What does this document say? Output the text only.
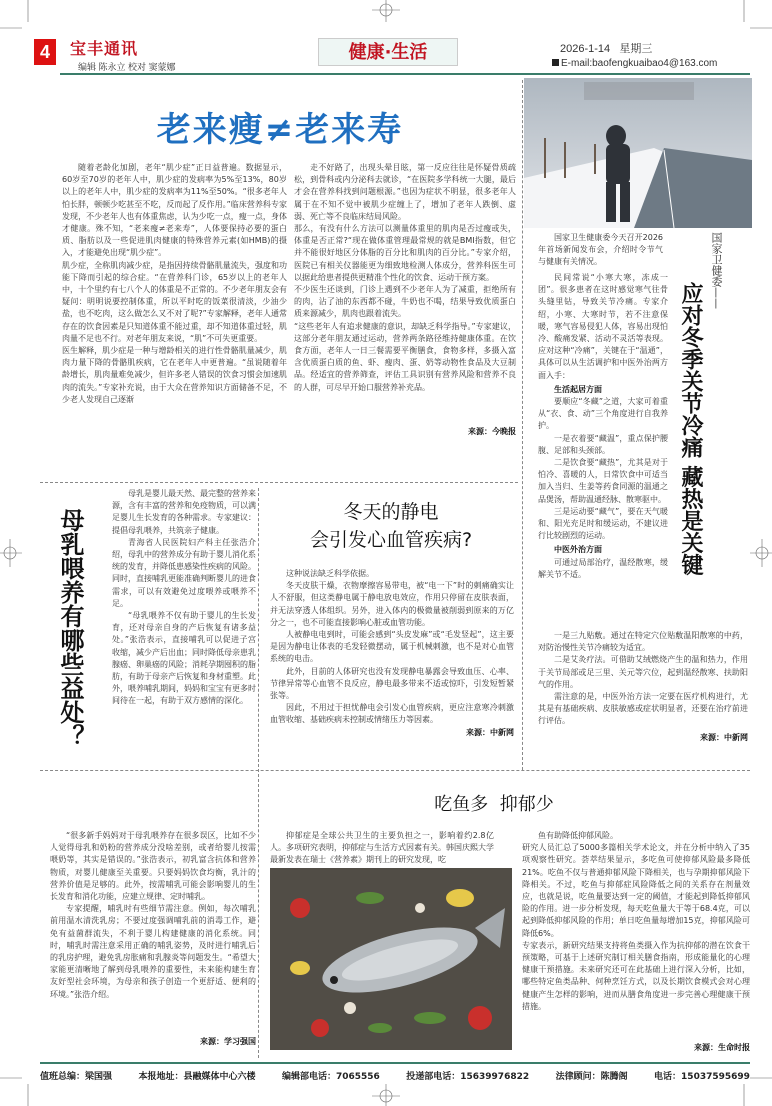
4	宝丰通讯
编辑 陈永立 校对 窦蒙娜
健康·生活	2026-1-14 星期三
E-mail:baofengkuaibao4@163.com
老来瘦≠老来寿
随着老龄化加剧，老年“肌少症”正日益普遍。数据显示，60岁至70岁的老年人中，肌少症的发病率为5%至13%，80岁以上的老年人中，肌少症的发病率为11%至50%。“很多老年人怕长胖，顿顿少吃甚至不吃，反而起了反作用。”临床营养科专家发现，不少老年人也有体重焦虑，认为少吃一点，瘦一点，身体才健康。殊不知，“老来瘦≠老来寿”，人体要保持必要的蛋白质、脂肪以及一些促进肌肉健康的特殊营养元素(如HMB)的摄入，才能避免出现“肌少症”。
肌少症，全称肌肉减少症，是指因持续骨骼肌量流失，强度和功能下降而引起的综合症。“在营养科门诊，65岁以上的老年人中，十个里约有七八个人的体重是不正常的。不少老年朋友会有疑问：明明说要控制体重，所以平时吃的饭菜很清淡，少油少盐，也不吃肉，这么做怎么又不对了呢?”专家解释，老年人通常存在的饮食因素是只知道体重不能过重，却不知道体重过轻，肌肉量不足也不行。对老年朋友来说，“肌”不可失更重要。
医生解释，肌少症是一种与增龄相关的进行性骨骼肌量减少，肌肉力量下降的骨骼肌疾病，它在老年人中更普遍。“虽说随着年龄增长，肌肉量难免减少，但许多老人错误的饮食习惯会加速肌肉的流失。”专家补充说，由于大众在营养知识方面储备不足，不少老人发现自己逐渐
走不好路了，出现头晕目眩，第一反应往往是怀疑骨质疏松，到骨科或内分泌科去就诊，“在医院多学科统一大腿，最后才会在营养科找到问题根源。”也因为症状不明显，很多老年人属于在不知不觉中被肌少症缠上了，增加了老年人跌倒、虚弱、死亡等不良临床结局风险。
那么，有没有什么方法可以测量体重里的肌肉是否过瘦或失，体重是否正常?“现在做体重管理最常规的就是BMI指数，但它并不能很好地区分体脂的百分比和肌肉的百分比。”专家介绍，医院已有相关仪器能更为细致地检测人体成分，营养科医生可以据此给患者提供更精准个性化的饮食、运动干预方案。
不少医生还谈到，门诊上遇到不少老年人为了减重，拒绝所有的肉，沾了油的东西都不碰，牛奶也不喝，结果导致优质蛋白质来源减少，肌肉也跟着流失。
“这些老年人有追求健康的意识，却缺乏科学指导。”专家建议，这部分老年朋友通过运动，营养两条路径维持健康体重。在饮食方面，老年人一日三餐需要平衡膳食，食物多样，多摄入富含优质蛋白质的鱼、虾、瘦肉、蛋、奶等动物性食品及大豆制品。经适宜的营养筛查，评估工具识别有营养风险和营养不良的人群，可尽早开始口服营养补充品。
来源：今晚报
国家卫生健康委今天召开2026年首场新闻发布会，介绍时令节气与健康有关情况。	国家卫健委——
应对冬季关节冷痛 藏热是关键
民间常说“小寒大寒，冻成一团”。很多患者在这时感觉寒气往骨头缝里钻，导致关节冷痛。专家介绍，小寒、大寒时节，若不注意保暖，寒气容易侵犯人体，容易出现怕冷、酸痛发紧、活动不灵活等表现。应对这种“冷痛”，关键在于“温通”，具体可以从生活调护和中医外治两方面入手：
生活起居方面
要顺应“冬藏”之道，大家可着重从“衣、食、动”三个角度进行自我养护。
一是衣着要“藏温”，重点保护腰腹、足部和头颈部。
二是饮食要“藏热”，尤其是对于怕冷、喜暖的人，日常饮食中可适当加入当归、生姜等药食同源的温通之品煲汤，帮助温通经脉、散寒驱中。
三是运动要“藏气”，要在天气暖和、阳光充足时和缓运动，不建议进行比较剧烈的运动。
中医外治方面
可通过局部治疗，温经散寒，缓解关节不适。
一是三九贴敷。通过在特定穴位贴敷温阳散寒的中药，对防治慢性关节冷痛较为适宜。
二是艾灸疗法。可借助艾绒燃烧产生的温和热力，作用于关节局部或足三里、关元等穴位，起到温经散寒、扶助阳气的作用。
需注意的是，中医外治方法一定要在医疗机构进行，尤其是有基础疾病、皮肤敏感或症状明显者，还要在治疗前进行评估。
来源：中新网
母乳喂养有哪些益处？
母乳是婴儿最天然、最完整的营养来源，含有丰富的营养和免疫物质，可以满足婴儿生长发育的各种需求。专家建议：提倡母乳喂养，共筑亲子健康。
青海省人民医院妇产科主任张浩介绍，母乳中的营养成分有助于婴儿消化系统的发育，并降低患感染性疾病的风险。同时，直接哺乳更能准确判断婴儿的进食需求，可以有效避免过度喂养或喂养不足。
“母乳喂养不仅有助于婴儿的生长发育，还对母亲自身的产后恢复有诸多益处。”张浩表示，直接哺乳可以促进子宫收缩，减少产后出血；同时降低母亲患乳腺癌、卵巢癌的风险；消耗孕期囤积的脂肪，有助于母亲产后恢复和身材重塑。此外，喂养哺乳期间，妈妈和宝宝有更多时间待在一起，有助于双方感情的深化。
“很多新手妈妈对于母乳喂养存在很多误区，比如不少人觉得母乳和奶粉的营养成分没啥差别，或者给婴儿按需喂奶等，其实是错误的。”张浩表示，初乳富含抗体和营养物质，对婴儿健康至关重要。只要妈妈饮食均衡，乳汁的营养价值是足够的。此外，按需哺乳可能会影响婴儿的生长发育和消化功能，应建立规律、定时哺乳。
专家提醒，哺乳时有些细节需注意。例如，每次哺乳前用温水清洗乳房；不要过度强调哺乳前的消毒工作，避免有益菌群流失，不利于婴儿构建健康的消化系统。同时，哺乳时需注意采用正确的哺乳姿势，及时进行哺乳后的乳房护理，避免乳房胀痛和乳腺炎等问题发生。“希望大家能更清晰地了解到母乳喂养的重要性，未来能构建生育友好型社会环境，为母亲和孩子创造一个更舒适、便利的环境。”张浩介绍。
来源：学习强国
冬天的静电
会引发心血管疾病?
这种说法缺乏科学依据。
冬天皮肤干燥，衣物摩擦容易带电，被“电一下”时的刺痛确实让人不舒服，但这类静电属于静电放电效应，作用只停留在皮肤表面，并无法穿透人体组织。另外，进入体内的极微量被削弱到原来的万亿分之一，也不可能直接影响心脏或血管功能。
人被静电电到时，可能会感到“头皮发麻”或“毛发竖起”，这主要是因为静电让体表的毛发轻微摆动，属于机械刺激，也不是对心血管系统的电击。
此外，目前的人体研究也没有发现静电暴露会导致血压、心率、节律异常等心血管不良反应，静电最多带来不适或惊吓，引发短暂紧张等。
因此，不用过于担忧静电会引发心血管疾病，更应注意寒冷刺激血管收缩、基础疾病未控制或情绪压力等因素。
来源：中新网
吃鱼多  抑郁少
抑郁症是全球公共卫生的主要负担之一，影响着约2.8亿人。多项研究表明，抑郁症与生活方式因素有关。韩国庆熙大学最新发表在瑞士《营养素》期刊上的研究发现，吃
鱼有助降低抑郁风险。
研究人员汇总了5000多篇相关学术论文，并在分析中纳入了35项观察性研究。荟萃结果显示，多吃鱼可使抑郁风险最多降低21%。吃鱼不仅与普通抑郁风险下降相关，也与孕期抑郁风险下降相关。不过，吃鱼与抑郁症风险降低之间的关系存在剂量效应，也就是说，吃鱼量要达到一定的阈值，才能起到降低抑郁风险的作用。进一步分析发现，每天吃鱼量大于等于68.4克，可以起到降低抑郁风险的作用；单日吃鱼量每增加15克，抑郁风险可降低6%。
专家表示，新研究结果支持将鱼类摄入作为抗抑郁的潜在饮食干预策略，可基于上述研究制订相关膳食指南，形成能量化的心理健康干预措施。未来研究还可在此基础上进行深入分析，比如，哪些特定鱼类品种、何种烹饪方式，以及长期饮食模式会对心理健康产生怎样的影响，进而从膳食角度进一步完善心理健康干预措施。
来源：生命时报
值班总编：梁国强	本报地址：县融媒体中心六楼	编辑部电话：7065556	投递部电话：15639976822	法律顾问：陈腾阁	电话：15037595699
